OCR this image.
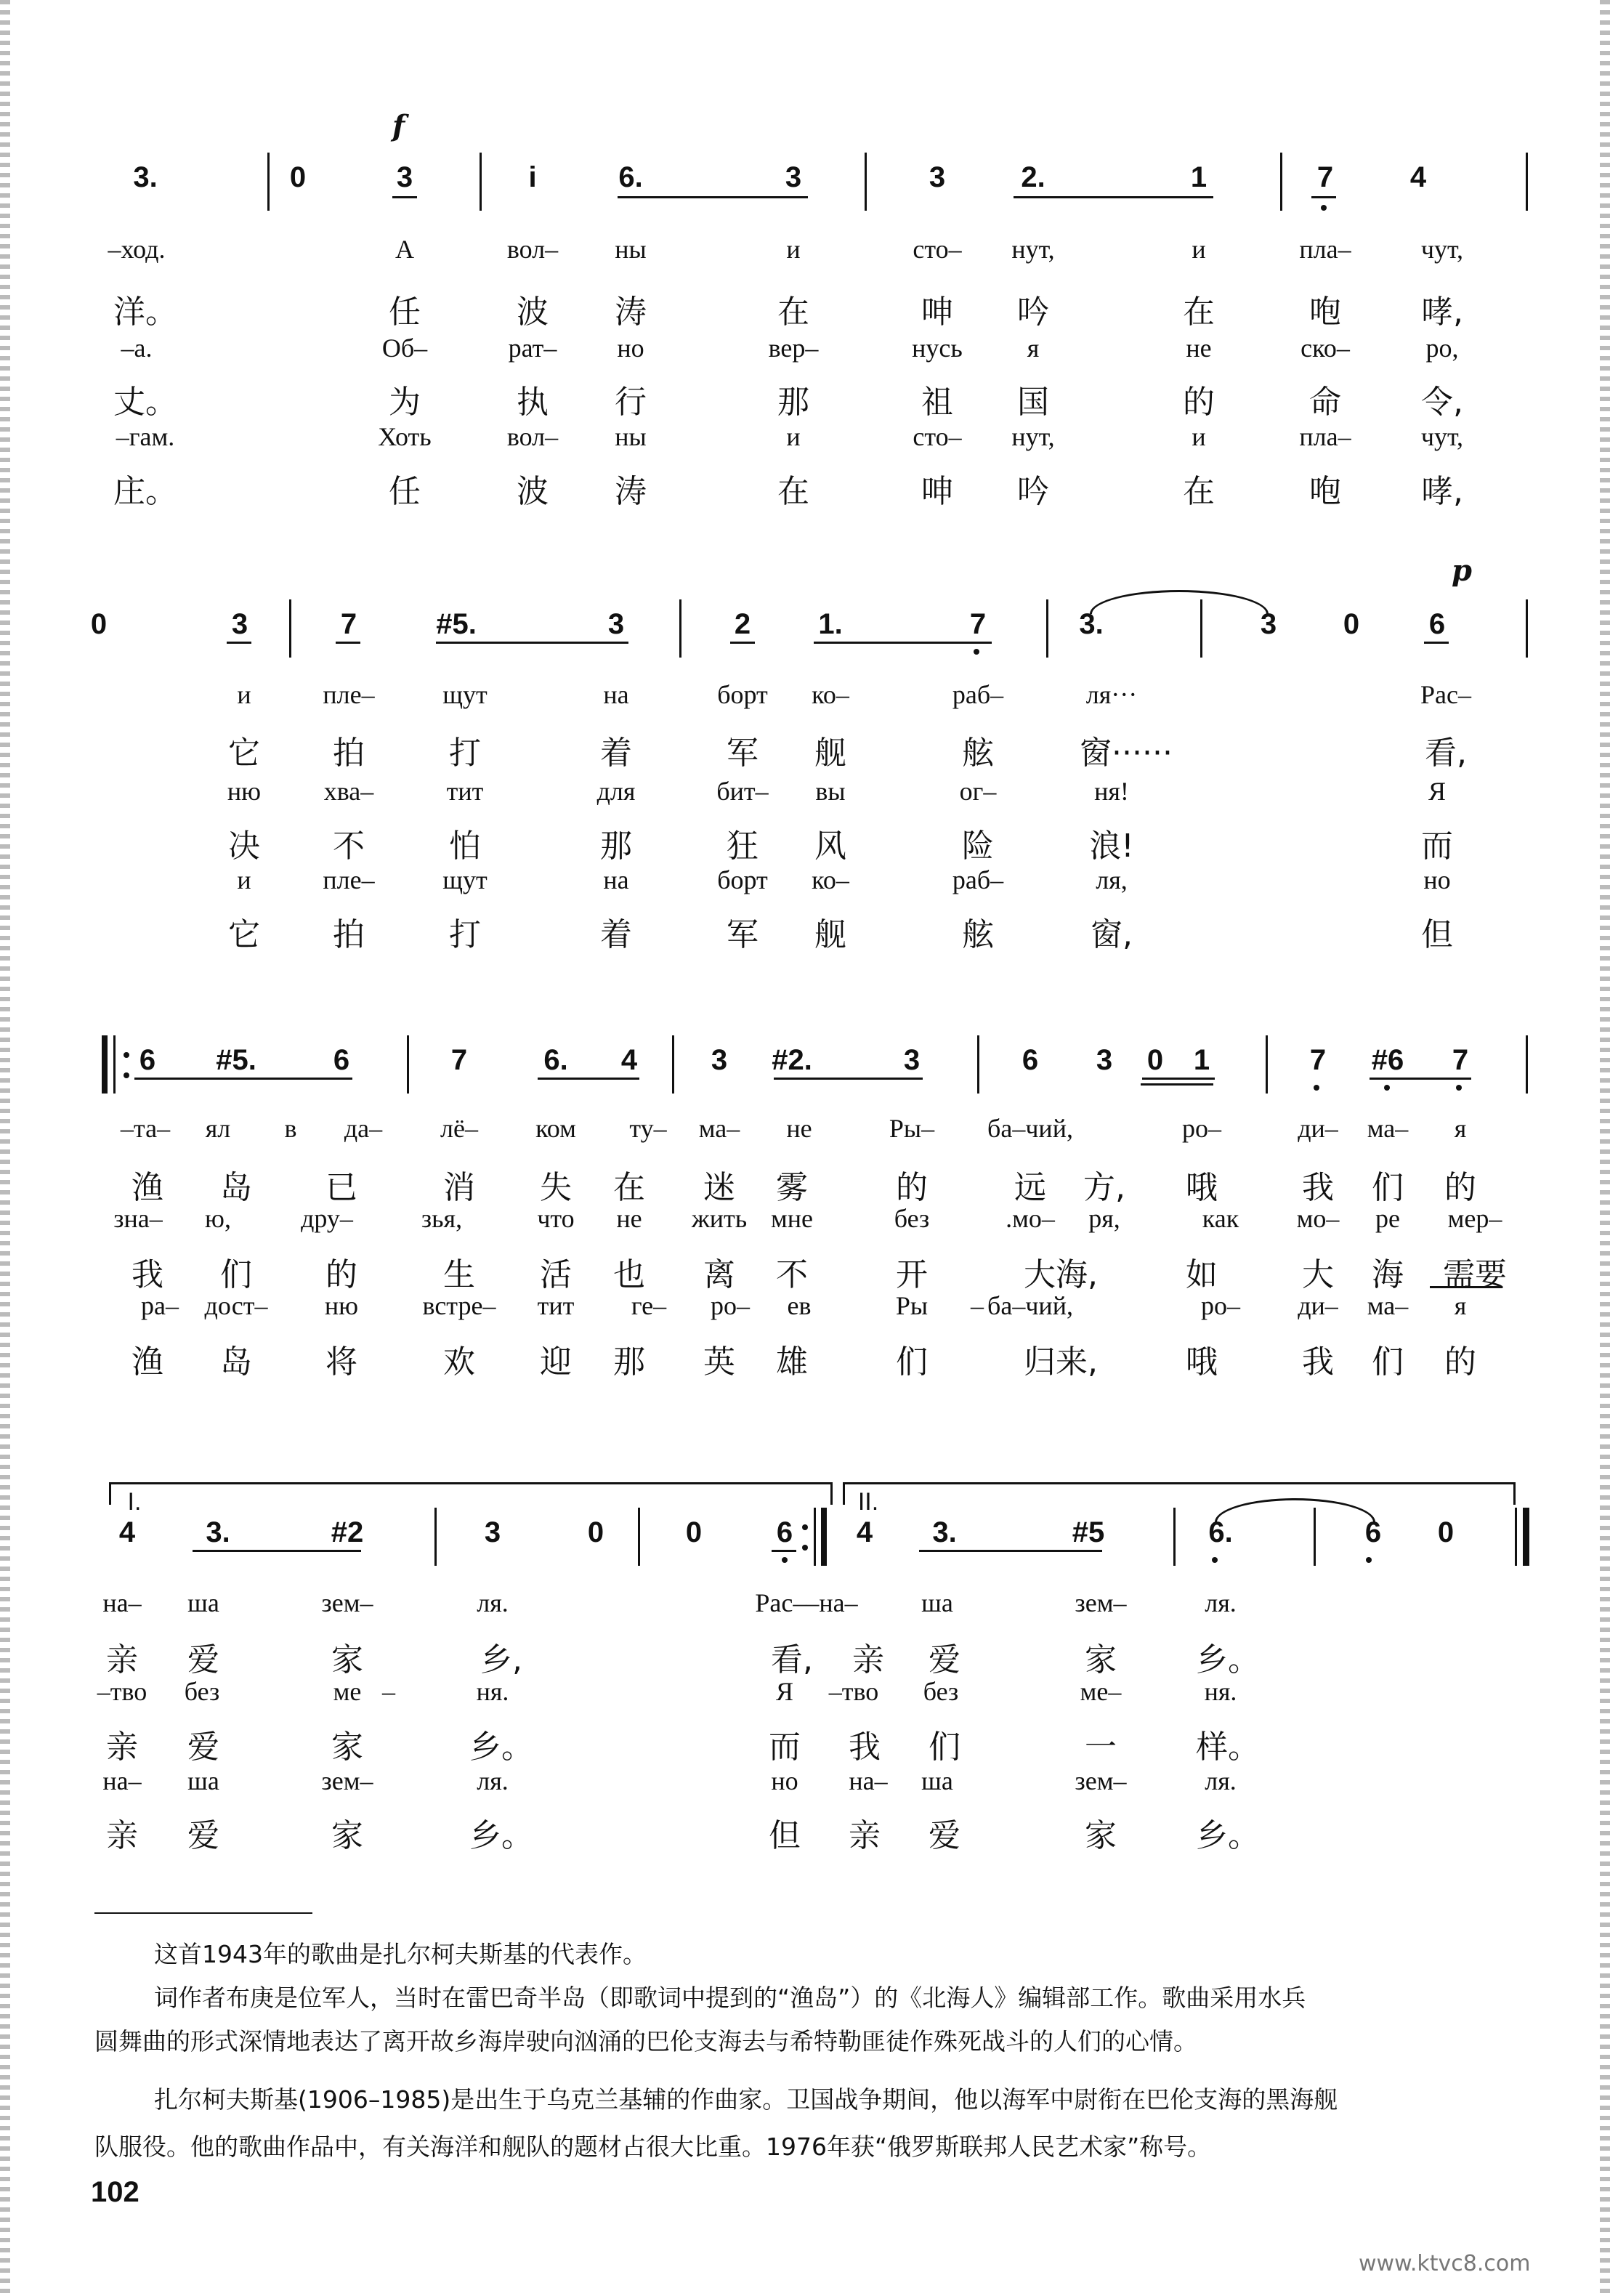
f
p
3.	0	3	i	6.	3	3	2.	1	7	4
–ход.	А	вол– ны	и	сто– нут,	и	пла–	чут,
洋。	任	波 涛	在	呻 吟	在	咆	哮,
–а.	Об–	рат– но	вер–	нусь я	не	ско–	ро,
丈。	为	执 行	那	祖 国	的	命	令,
–гам.	Хоть	вол– ны	и	сто– нут,	и	пла–	чут,
庄。	任	波 涛	在	呻 吟	在	咆	哮,
0	3	7	#5.	3	2 1.	7	3.	3 0 6
и	пле–	щут	на	борт ко–	раб–	ля···	Рас–
它 拍	打	着	军 舰	舷	窗······	看,
ню хва–	тит	для	бит– вы	ог–	ня!	Я
决 不	怕	那	狂 风	险	浪!	而
и	пле–	щут	на	борт ко–	раб–	ля,	но
它 拍	打	着	军 舰	舷	窗,	但
6 #5.	6	7	6. 4	3 #2.	3	6 3 0 1	7 #6 7
–та– ял в да– лё– ком ту– ма– не	Ры– ба–чий,	ро–	ди– ма– я
渔 岛 已	消 失 在 迷 雾	的	远 方, 哦	我 们 的
зна– ю,	дру–	зья,	что не жить мне	без	.мо– ря,	как мо– ре мер–
我 们 的	生 活 也 离 不	开	大海,	如	大 海 需要
ра– дост– ню встре– тит ге– ро– ев	Ры – ба–чий,	ро– ди– ма– я
渔 岛 将	欢 迎 那 英 雄	们	归来,	哦	我 们 的
I.	II.
4 3.	#2	3	0	0	6 4 3.	#5	6.	6 0
на– ша	зем–	ля.	Рас––на– ша	зем–	ля.
亲 爱	家	乡,	看, 亲 爱	家 乡。
–тво без	ме –	ня.	Я –тво без	ме–	ня.
亲 爱	家	乡。	而 我 们	一 样。
на– ша	зем–	ля.	но на– ша	зем–	ля.
亲 爱	家	乡。	但 亲 爱	家 乡。

这首1943年的歌曲是扎尔柯夫斯基的代表作。

词作者布庚是位军人，当时在雷巴奇半岛（即歌词中提到的“渔岛”）的《北海人》编辑部工作。歌曲采用水兵

圆舞曲的形式深情地表达了离开故乡海岸驶向汹涌的巴伦支海去与希特勒匪徒作殊死战斗的人们的心情。

扎尔柯夫斯基(1906–1985)是出生于乌克兰基辅的作曲家。卫国战争期间，他以海军中尉衔在巴伦支海的黑海舰

队服役。他的歌曲作品中，有关海洋和舰队的题材占很大比重。1976年获“俄罗斯联邦人民艺术家”称号。

102
www.ktvc8.com
